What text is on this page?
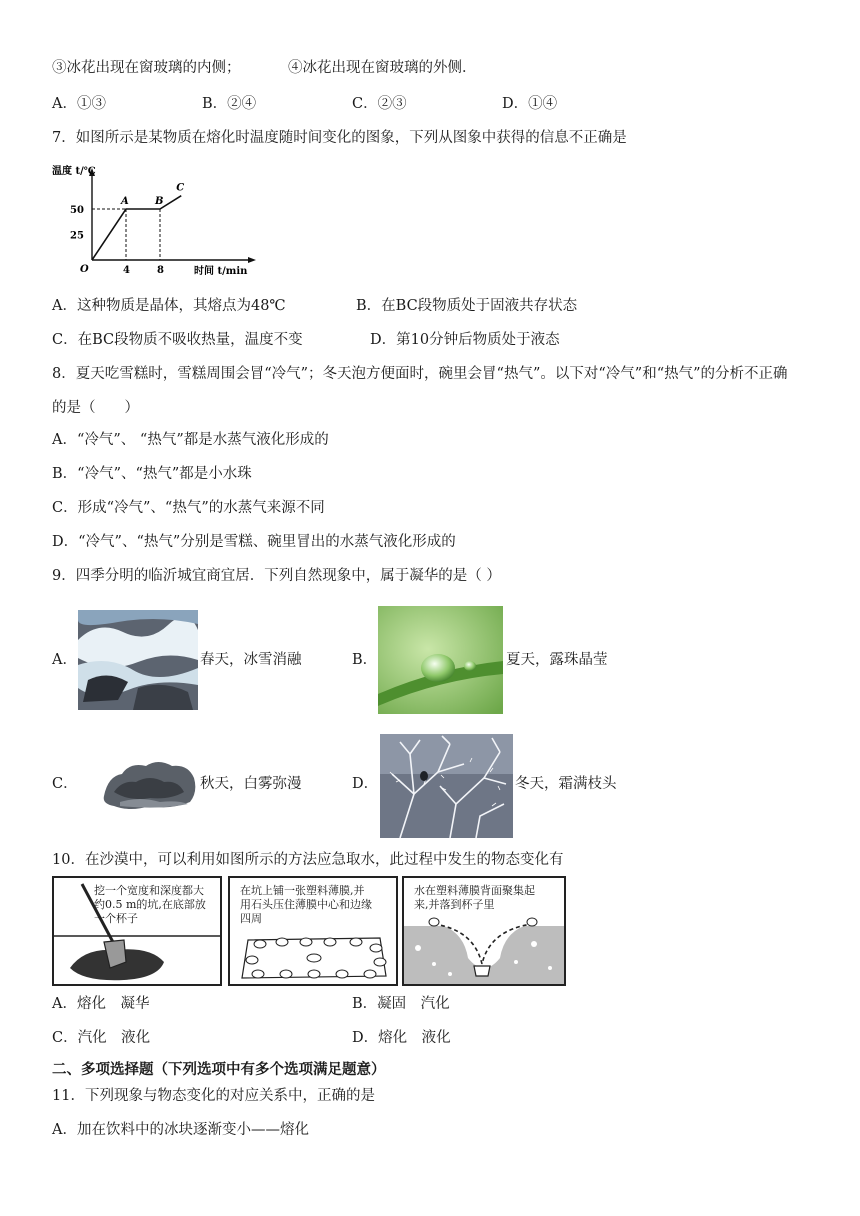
③冰花出现在窗玻璃的内侧；	④冰花出现在窗玻璃的外侧．
A．①③	B．②④	C．②③	D．①④
7．如图所示是某物质在熔化时温度随时间变化的图象，下列从图象中获得的信息不正确是
温度 t/℃
时间 t/min
O
25
50
4	8
A	B
C
A．这种物质是晶体，其熔点为48℃	B．在BC段物质处于固液共存状态
C．在BC段物质不吸收热量，温度不变	D．第10分钟后物质处于液态
8．夏天吃雪糕时，雪糕周围会冒“冷气”；冬天泡方便面时，碗里会冒“热气”。以下对“冷气”和“热气”的分析不正确
的是（　　）
A．“冷气”、 “热气”都是水蒸气液化形成的
B．“冷气”、“热气”都是小水珠
C．形成“冷气”、“热气”的水蒸气来源不同
D．“冷气”、“热气”分别是雪糕、碗里冒出的水蒸气液化形成的
9．四季分明的临沂城宜商宜居．下列自然现象中，属于凝华的是（ ）
A．	春天，冰雪消融	B．	夏天，露珠晶莹
C．	秋天，白雾弥漫	D．	冬天，霜满枝头
10．在沙漠中，可以利用如图所示的方法应急取水，此过程中发生的物态变化有
挖一个宽度和深度都大约0.5 m的坑,在底部放一个杯子
在坑上铺一张塑料薄膜,并用石头压住薄膜中心和边缘四周
水在塑料薄膜背面聚集起来,并落到杯子里
A．熔化　凝华	B．凝固　汽化
C．汽化　液化	D．熔化　液化
二、多项选择题（下列选项中有多个选项满足题意）
11．下列现象与物态变化的对应关系中，正确的是
A．加在饮料中的冰块逐渐变小——熔化
